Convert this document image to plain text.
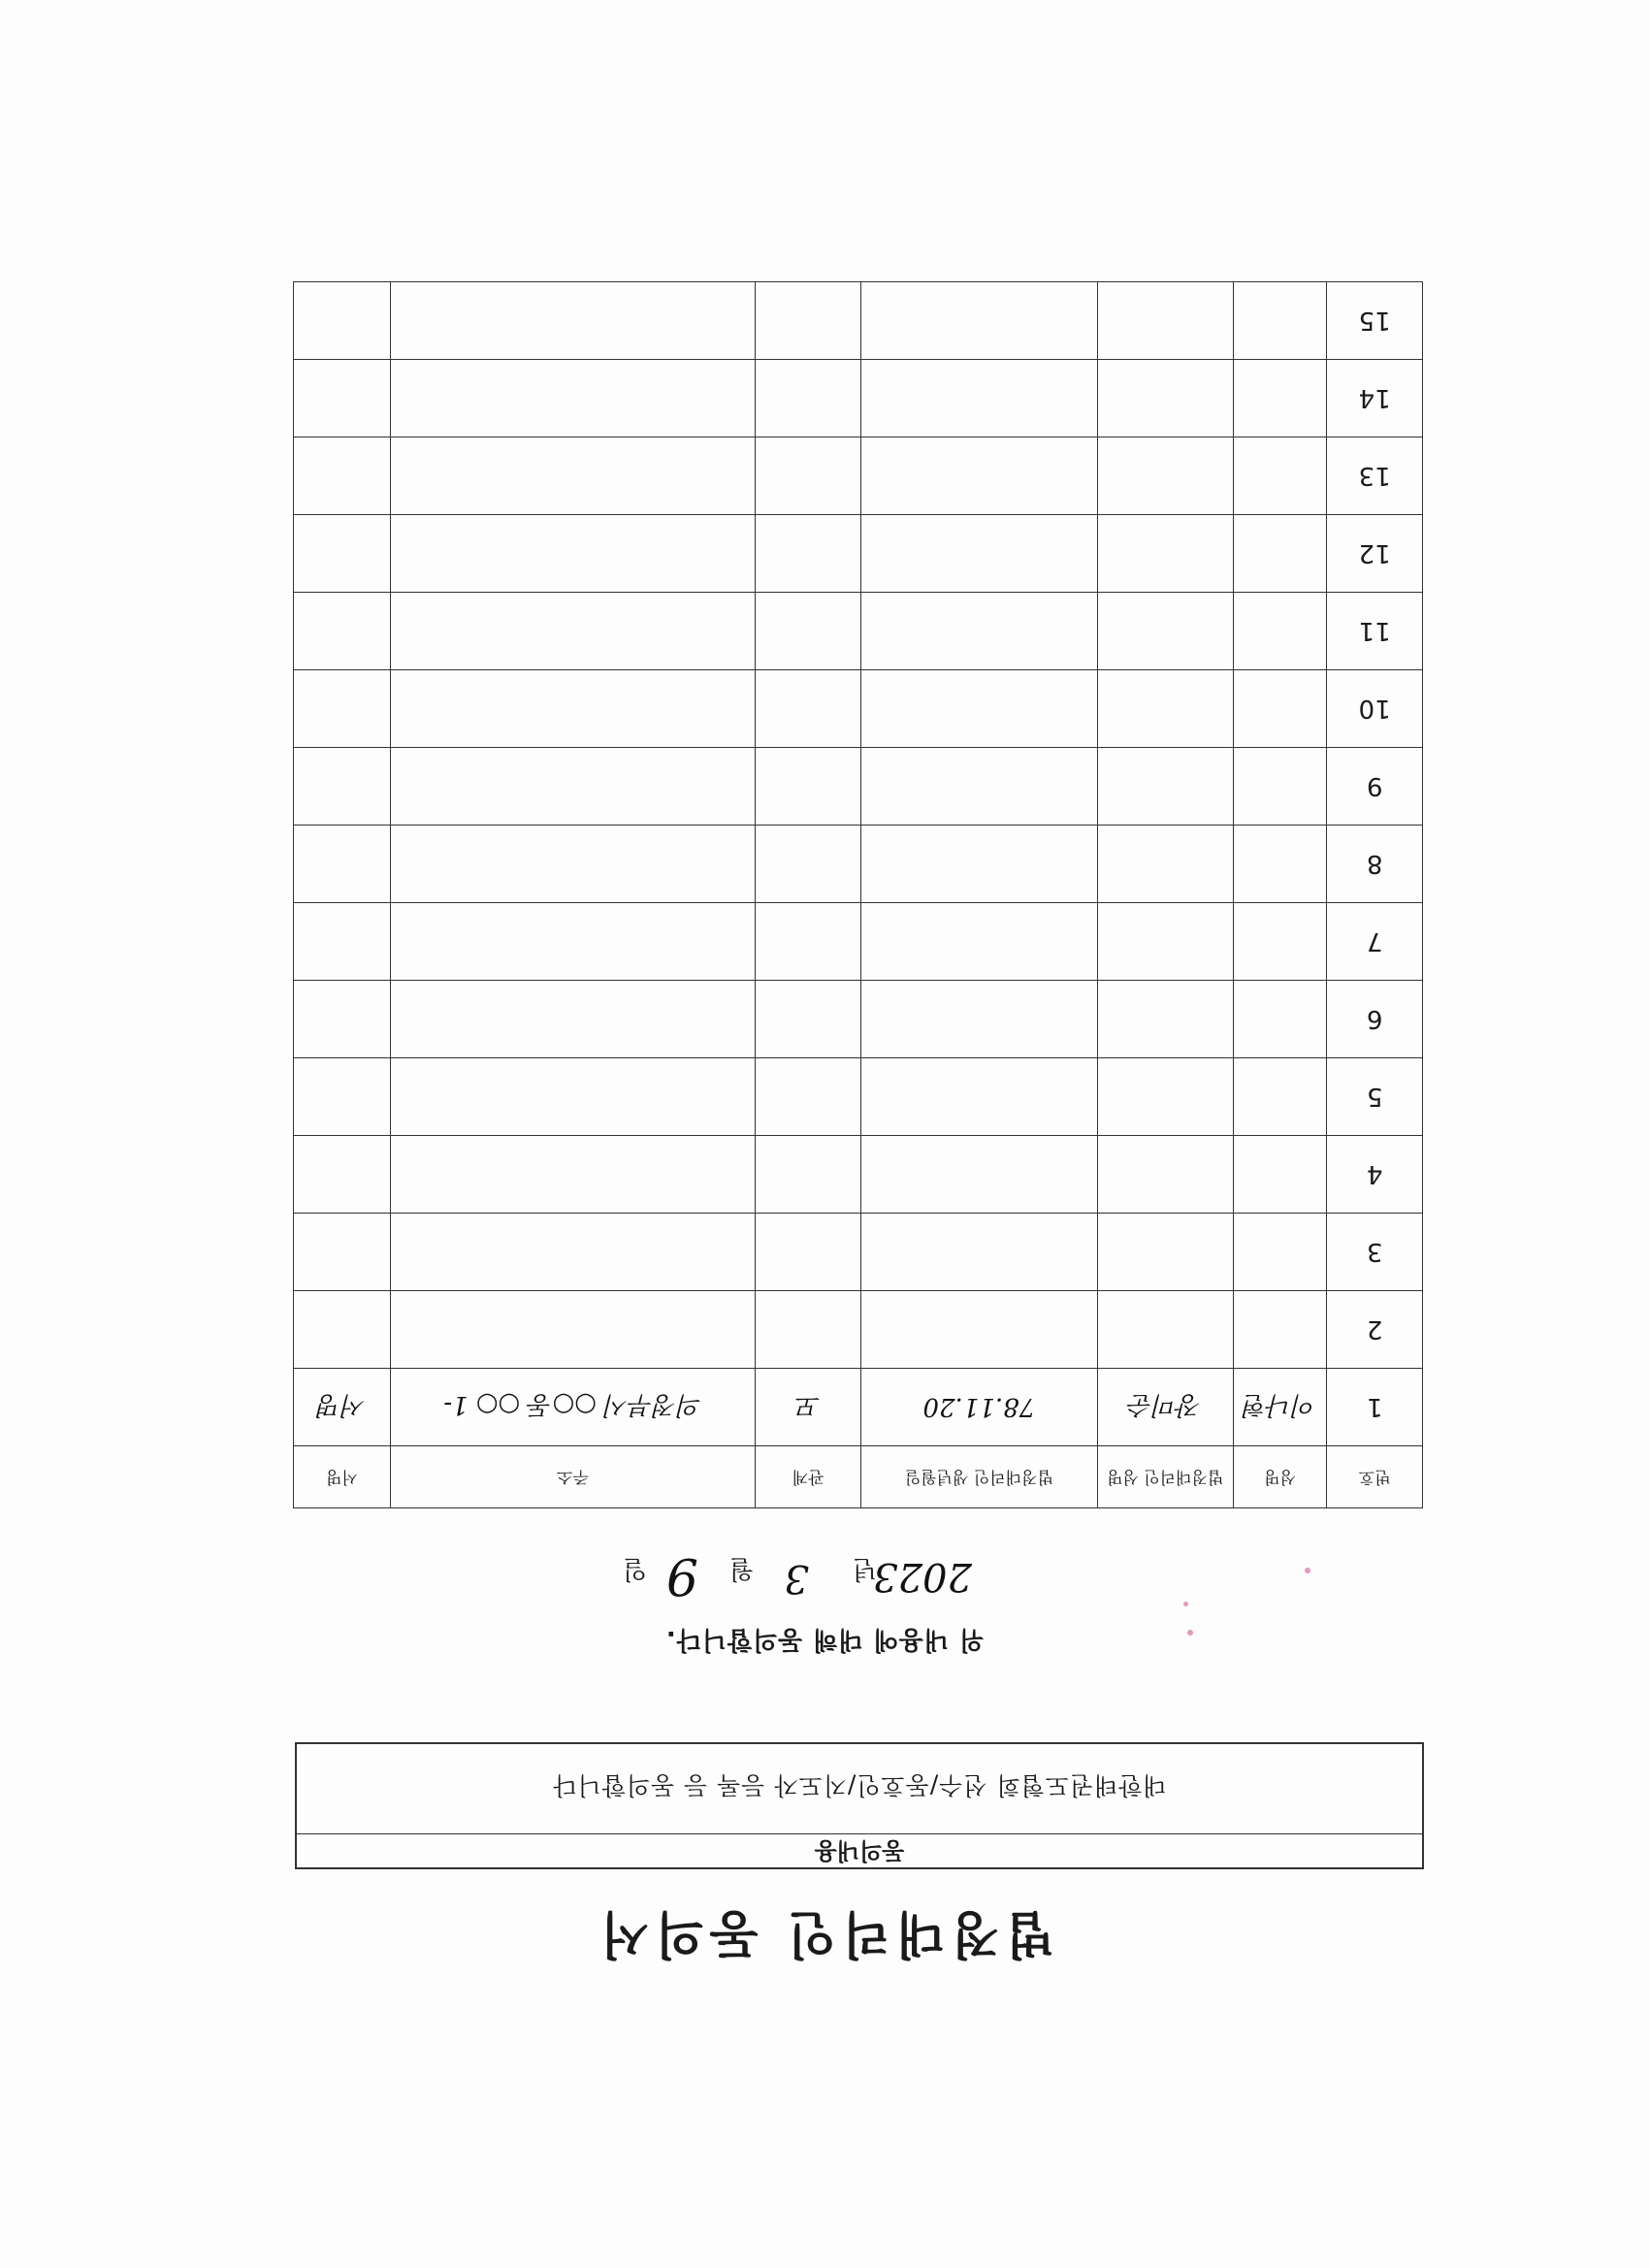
법정대리인 동의서
동의내용
대한태권도협회 선수/동호인/지도자 등록 등 동의합니다
위 내용에 대해 동의합니다.
2023
년
3
월
9
일
번호	성명	법정대리인 성명	법정대리인 생년월일	관계	주소	서명
1	이나현	장미순	78.11.20	모	의정부시 ○○동 ○○ 1-	서명
2						
3						
4						
5						
6						
7						
8						
9						
10						
11						
12						
13						
14						
15						
